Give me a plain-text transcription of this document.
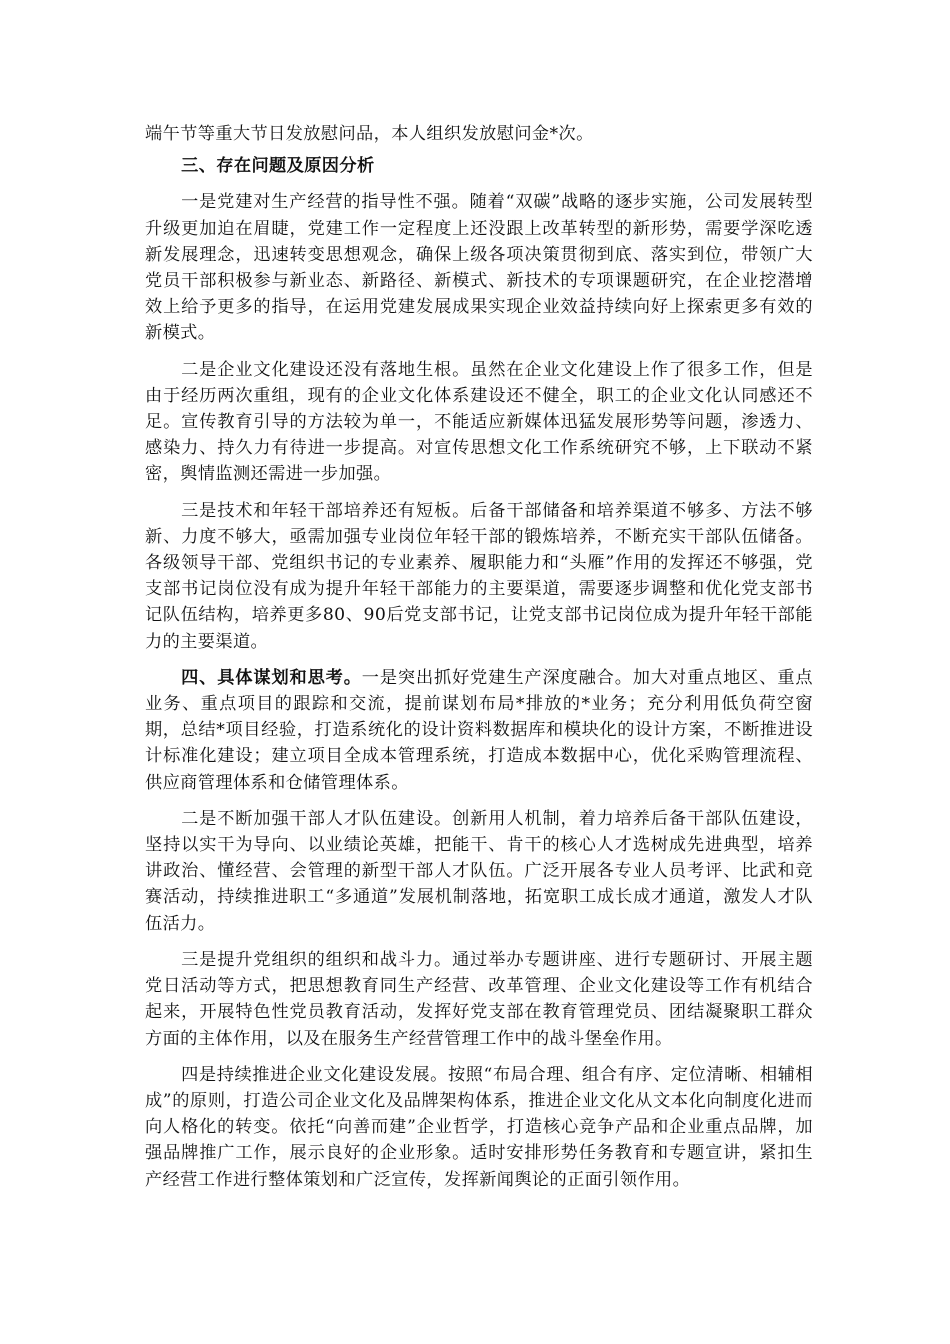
端午节等重大节日发放慰问品，本人组织发放慰问金*次。

三、存在问题及原因分析

一是党建对生产经营的指导性不强。随着“双碳”战略的逐步实施，公司发展转型升级更加迫在眉睫，党建工作一定程度上还没跟上改革转型的新形势，需要学深吃透新发展理念，迅速转变思想观念，确保上级各项决策贯彻到底、落实到位，带领广大党员干部积极参与新业态、新路径、新模式、新技术的专项课题研究，在企业挖潜增效上给予更多的指导，在运用党建发展成果实现企业效益持续向好上探索更多有效的新模式。

二是企业文化建设还没有落地生根。虽然在企业文化建设上作了很多工作，但是由于经历两次重组，现有的企业文化体系建设还不健全，职工的企业文化认同感还不足。宣传教育引导的方法较为单一，不能适应新媒体迅猛发展形势等问题，渗透力、感染力、持久力有待进一步提高。对宣传思想文化工作系统研究不够，上下联动不紧密，舆情监测还需进一步加强。

三是技术和年轻干部培养还有短板。后备干部储备和培养渠道不够多、方法不够新、力度不够大，亟需加强专业岗位年轻干部的锻炼培养，不断充实干部队伍储备。各级领导干部、党组织书记的专业素养、履职能力和“头雁”作用的发挥还不够强，党支部书记岗位没有成为提升年轻干部能力的主要渠道，需要逐步调整和优化党支部书记队伍结构，培养更多80、90后党支部书记，让党支部书记岗位成为提升年轻干部能力的主要渠道。

四、具体谋划和思考。一是突出抓好党建生产深度融合。加大对重点地区、重点业务、重点项目的跟踪和交流，提前谋划布局*排放的*业务；充分利用低负荷空窗期，总结*项目经验，打造系统化的设计资料数据库和模块化的设计方案，不断推进设计标准化建设；建立项目全成本管理系统，打造成本数据中心，优化采购管理流程、供应商管理体系和仓储管理体系。

二是不断加强干部人才队伍建设。创新用人机制，着力培养后备干部队伍建设，坚持以实干为导向、以业绩论英雄，把能干、肯干的核心人才选树成先进典型，培养讲政治、懂经营、会管理的新型干部人才队伍。广泛开展各专业人员考评、比武和竞赛活动，持续推进职工“多通道”发展机制落地，拓宽职工成长成才通道，激发人才队伍活力。

三是提升党组织的组织和战斗力。通过举办专题讲座、进行专题研讨、开展主题党日活动等方式，把思想教育同生产经营、改革管理、企业文化建设等工作有机结合起来，开展特色性党员教育活动，发挥好党支部在教育管理党员、团结凝聚职工群众方面的主体作用，以及在服务生产经营管理工作中的战斗堡垒作用。

四是持续推进企业文化建设发展。按照“布局合理、组合有序、定位清晰、相辅相成”的原则，打造公司企业文化及品牌架构体系，推进企业文化从文本化向制度化进而向人格化的转变。依托“向善而建”企业哲学，打造核心竞争产品和企业重点品牌，加强品牌推广工作，展示良好的企业形象。适时安排形势任务教育和专题宣讲，紧扣生产经营工作进行整体策划和广泛宣传，发挥新闻舆论的正面引领作用。
